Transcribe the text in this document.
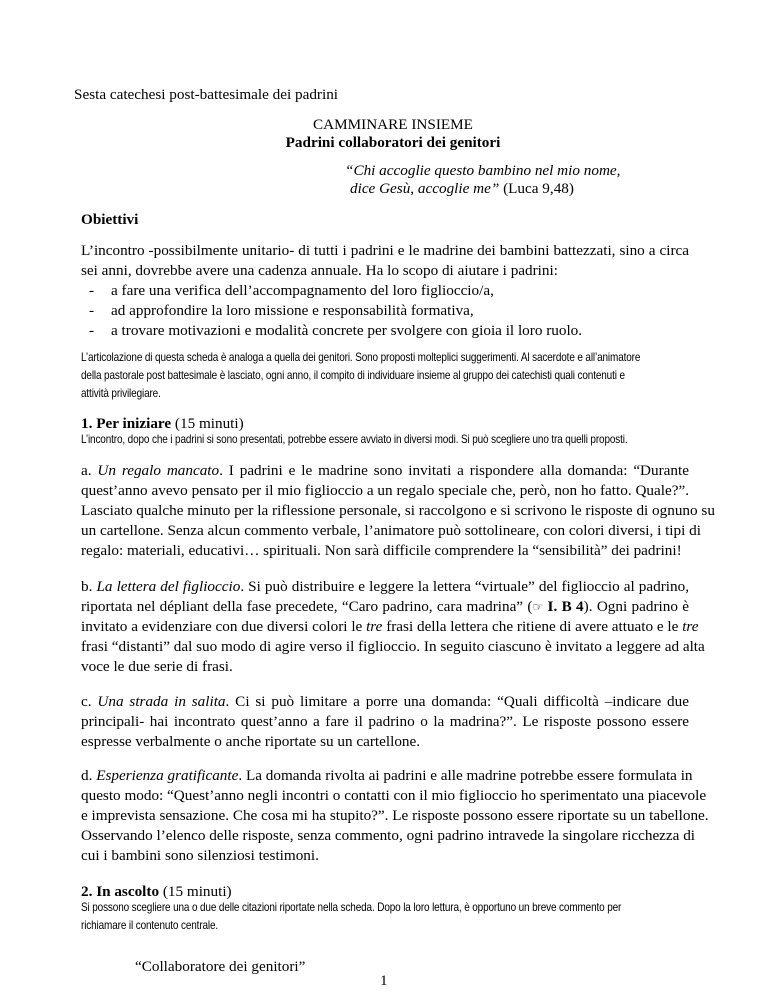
Sesta catechesi post-battesimale dei padrini
CAMMINARE INSIEME
Padrini collaboratori dei genitori
“Chi accoglie questo bambino nel mio nome,
dice Gesù, accoglie me” (Luca 9,48)
Obiettivi
L’incontro -possibilmente unitario- di tutti i padrini e le madrine dei bambini battezzati, sino a circa
sei anni, dovrebbe avere una cadenza annuale. Ha lo scopo di aiutare i padrini:
- a fare una verifica dell’accompagnamento del loro figlioccio/a,
- ad approfondire la loro missione e responsabilità formativa,
- a trovare motivazioni e modalità concrete per svolgere con gioia il loro ruolo.
L’articolazione di questa scheda è analoga a quella dei genitori. Sono proposti molteplici suggerimenti. Al sacerdote e all’animatore
della pastorale post battesimale è lasciato, ogni anno, il compito di individuare insieme al gruppo dei catechisti quali contenuti e
attività privilegiare.
1. Per iniziare (15 minuti)
L’incontro, dopo che i padrini si sono presentati, potrebbe essere avviato in diversi modi. Si può scegliere uno tra quelli proposti.
a. Un regalo mancato. I padrini e le madrine sono invitati a rispondere alla domanda: “Durante
quest’anno avevo pensato per il mio figlioccio a un regalo speciale che, però, non ho fatto. Quale?”.
Lasciato qualche minuto per la riflessione personale, si raccolgono e si scrivono le risposte di ognuno su
un cartellone. Senza alcun commento verbale, l’animatore può sottolineare, con colori diversi, i tipi di
regalo: materiali, educativi… spirituali. Non sarà difficile comprendere la “sensibilità” dei padrini!
b. La lettera del figlioccio. Si può distribuire e leggere la lettera “virtuale” del figlioccio al padrino,
riportata nel dépliant della fase precedete, “Caro padrino, cara madrina” (☞ I. B 4). Ogni padrino è
invitato a evidenziare con due diversi colori le tre frasi della lettera che ritiene di avere attuato e le tre
frasi “distanti” dal suo modo di agire verso il figlioccio. In seguito ciascuno è invitato a leggere ad alta
voce le due serie di frasi.
c. Una strada in salita. Ci si può limitare a porre una domanda: “Quali difficoltà –indicare due
principali- hai incontrato quest’anno a fare il padrino o la madrina?”. Le risposte possono essere
espresse verbalmente o anche riportate su un cartellone.
d. Esperienza gratificante. La domanda rivolta ai padrini e alle madrine potrebbe essere formulata in
questo modo: “Quest’anno negli incontri o contatti con il mio figlioccio ho sperimentato una piacevole
e imprevista sensazione. Che cosa mi ha stupito?”. Le risposte possono essere riportate su un tabellone.
Osservando l’elenco delle risposte, senza commento, ogni padrino intravede la singolare ricchezza di
cui i bambini sono silenziosi testimoni.
2. In ascolto (15 minuti)
Si possono scegliere una o due delle citazioni riportate nella scheda. Dopo la loro lettura, è opportuno un breve commento per
richiamare il contenuto centrale.
“Collaboratore dei genitori”
1
